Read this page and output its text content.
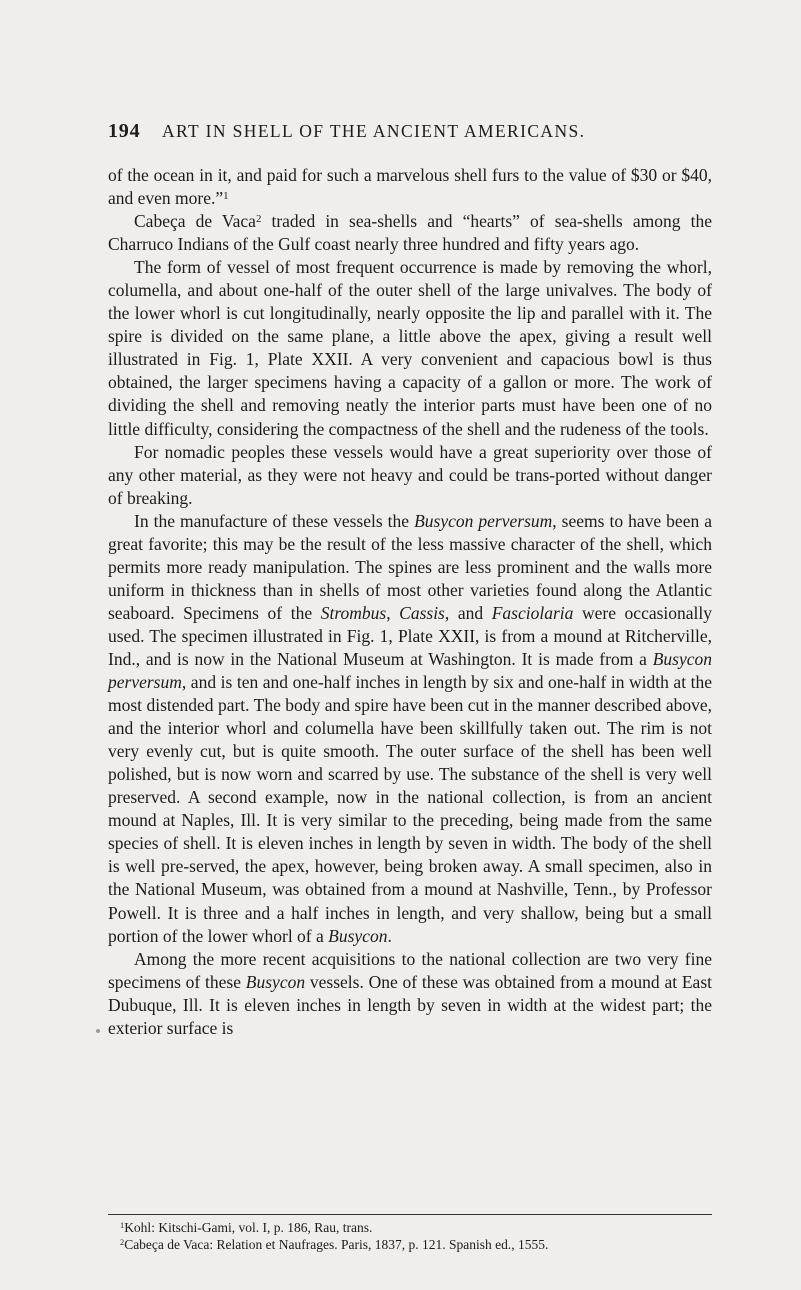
194 ART IN SHELL OF THE ANCIENT AMERICANS.

of the ocean in it, and paid for such a marvelous shell furs to the value of $30 or $40, and even more.”$^1$

Cabeça de Vaca$^2$ traded in sea-shells and “hearts” of sea-shells among the Charruco Indians of the Gulf coast nearly three hundred and fifty years ago.

The form of vessel of most frequent occurrence is made by removing the whorl, columella, and about one-half of the outer shell of the large univalves. The body of the lower whorl is cut longitudinally, nearly opposite the lip and parallel with it. The spire is divided on the same plane, a little above the apex, giving a result well illustrated in Fig. 1, Plate XXII. A very convenient and capacious bowl is thus obtained, the larger specimens having a capacity of a gallon or more. The work of dividing the shell and removing neatly the interior parts must have been one of no little difficulty, considering the compactness of the shell and the rudeness of the tools.

For nomadic peoples these vessels would have a great superiority over those of any other material, as they were not heavy and could be trans-ported without danger of breaking.

In the manufacture of these vessels the Busycon perversum, seems to have been a great favorite; this may be the result of the less massive character of the shell, which permits more ready manipulation. The spines are less prominent and the walls more uniform in thickness than in shells of most other varieties found along the Atlantic seaboard. Specimens of the Strombus, Cassis, and Fasciolaria were occasionally used. The specimen illustrated in Fig. 1, Plate XXII, is from a mound at Ritcherville, Ind., and is now in the National Museum at Washington. It is made from a Busycon perversum, and is ten and one-half inches in length by six and one-half in width at the most distended part. The body and spire have been cut in the manner described above, and the interior whorl and columella have been skillfully taken out. The rim is not very evenly cut, but is quite smooth. The outer surface of the shell has been well polished, but is now worn and scarred by use. The substance of the shell is very well preserved. A second example, now in the national collection, is from an ancient mound at Naples, Ill. It is very similar to the preceding, being made from the same species of shell. It is eleven inches in length by seven in width. The body of the shell is well pre-served, the apex, however, being broken away. A small specimen, also in the National Museum, was obtained from a mound at Nashville, Tenn., by Professor Powell. It is three and a half inches in length, and very shallow, being but a small portion of the lower whorl of a Busycon.

Among the more recent acquisitions to the national collection are two very fine specimens of these Busycon vessels. One of these was obtained from a mound at East Dubuque, Ill. It is eleven inches in length by seven in width at the widest part; the exterior surface is

$^1$Kohl: Kitschi-Gami, vol. I, p. 186, Rau, trans.
$^2$Cabeça de Vaca: Relation et Naufrages. Paris, 1837, p. 121. Spanish ed., 1555.
